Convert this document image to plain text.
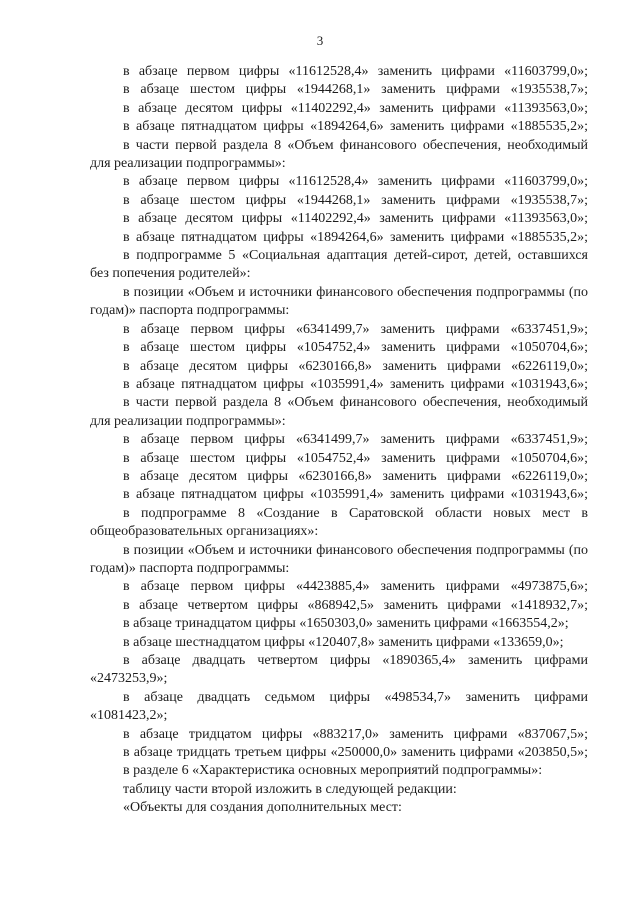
3

в абзаце первом цифры «11612528,4» заменить цифрами «11603799,0»;

в абзаце шестом цифры «1944268,1» заменить цифрами «1935538,7»;

в абзаце десятом цифры «11402292,4» заменить цифрами «11393563,0»;

в абзаце пятнадцатом цифры «1894264,6» заменить цифрами «1885535,2»;

в части первой раздела 8 «Объем финансового обеспечения, необходимый для реализации подпрограммы»:

в абзаце первом цифры «11612528,4» заменить цифрами «11603799,0»;

в абзаце шестом цифры «1944268,1» заменить цифрами «1935538,7»;

в абзаце десятом цифры «11402292,4» заменить цифрами «11393563,0»;

в абзаце пятнадцатом цифры «1894264,6» заменить цифрами «1885535,2»;

в подпрограмме 5 «Социальная адаптация детей-сирот, детей, оставшихся без попечения родителей»:

в позиции «Объем и источники финансового обеспечения подпрограммы (по годам)» паспорта подпрограммы:

в абзаце первом цифры «6341499,7» заменить цифрами «6337451,9»;

в абзаце шестом цифры «1054752,4» заменить цифрами «1050704,6»;

в абзаце десятом цифры «6230166,8» заменить цифрами «6226119,0»;

в абзаце пятнадцатом цифры «1035991,4» заменить цифрами «1031943,6»;

в части первой раздела 8 «Объем финансового обеспечения, необходимый для реализации подпрограммы»:

в абзаце первом цифры «6341499,7» заменить цифрами «6337451,9»;

в абзаце шестом цифры «1054752,4» заменить цифрами «1050704,6»;

в абзаце десятом цифры «6230166,8» заменить цифрами «6226119,0»;

в абзаце пятнадцатом цифры «1035991,4» заменить цифрами «1031943,6»;

в подпрограмме 8 «Создание в Саратовской области новых мест в общеобразовательных организациях»:

в позиции «Объем и источники финансового обеспечения подпрограммы (по годам)» паспорта подпрограммы:

в абзаце первом цифры «4423885,4» заменить цифрами «4973875,6»;

в абзаце четвертом цифры «868942,5» заменить цифрами «1418932,7»;

в абзаце тринадцатом цифры «1650303,0» заменить цифрами «1663554,2»;

в абзаце шестнадцатом цифры «120407,8» заменить цифрами «133659,0»;

в абзаце двадцать четвертом цифры «1890365,4» заменить цифрами «2473253,9»;

в абзаце двадцать седьмом цифры «498534,7» заменить цифрами «1081423,2»;

в абзаце тридцатом цифры «883217,0» заменить цифрами «837067,5»;

в абзаце тридцать третьем цифры «250000,0» заменить цифрами «203850,5»;

в разделе 6 «Характеристика основных мероприятий подпрограммы»:

таблицу части второй изложить в следующей редакции:

«Объекты для создания дополнительных мест:
